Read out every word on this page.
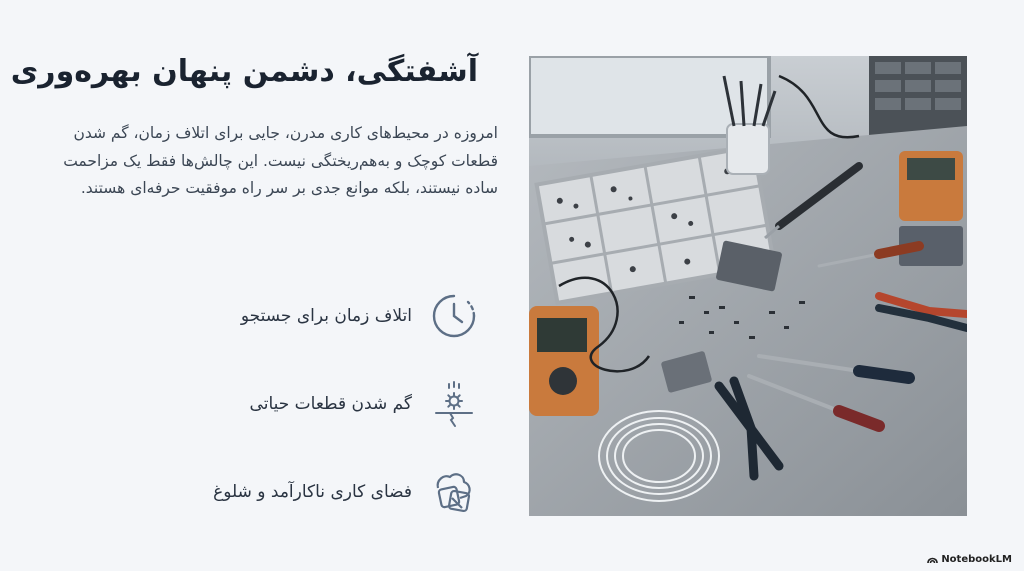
آشفتگی، دشمن پنهان بهره‌وری

امروزه در محیط‌های کاری مدرن، جایی برای اتلاف زمان، گم شدن قطعات کوچک و به‌هم‌ریختگی نیست. این چالش‌ها فقط یک مزاحمت ساده نیستند، بلکه موانع جدی بر سر راه موفقیت حرفه‌ای هستند.

اتلاف زمان برای جستجو
گم شدن قطعات حیاتی
فضای کاری ناکارآمد و شلوغ
NotebookLM
